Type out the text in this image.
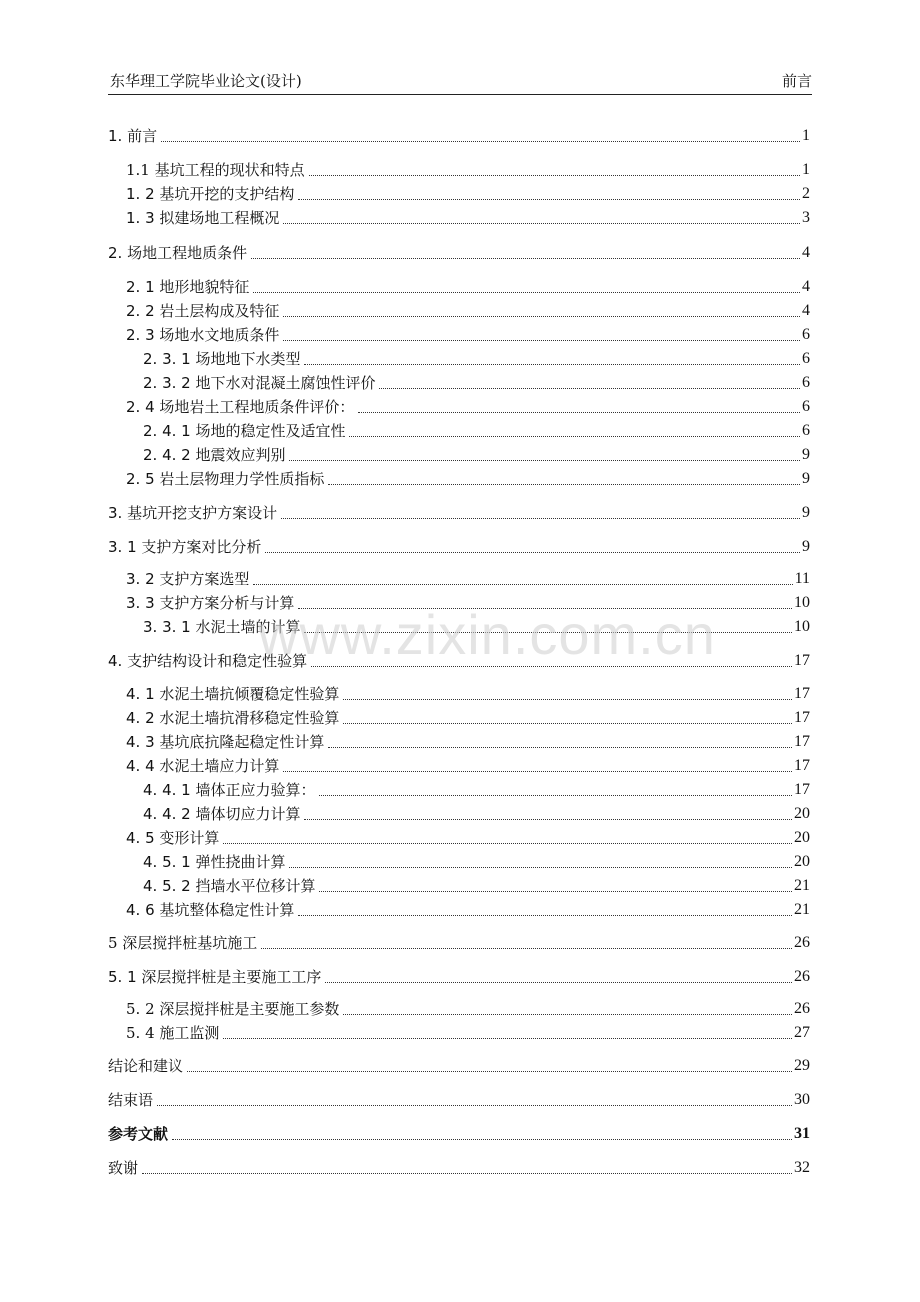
东华理工学院毕业论文(设计)	前言
1. 前言	1
1.1 基坑工程的现状和特点	1
1. 2 基坑开挖的支护结构	2
1. 3 拟建场地工程概况	3
2. 场地工程地质条件	4
2. 1 地形地貌特征	4
2. 2 岩土层构成及特征	4
2. 3 场地水文地质条件	6
2. 3. 1 场地地下水类型	6
2. 3. 2 地下水对混凝土腐蚀性评价	6
2. 4 场地岩土工程地质条件评价：	6
2. 4. 1 场地的稳定性及适宜性	6
2. 4. 2 地震效应判别	9
2. 5 岩土层物理力学性质指标	9
3. 基坑开挖支护方案设计	9
3. 1 支护方案对比分析	9
3. 2 支护方案选型	11
3. 3 支护方案分析与计算	10
3. 3. 1 水泥土墙的计算	10
4. 支护结构设计和稳定性验算	17
4. 1 水泥土墙抗倾覆稳定性验算	17
4. 2 水泥土墙抗滑移稳定性验算	17
4. 3 基坑底抗隆起稳定性计算	17
4. 4 水泥土墙应力计算	17
4. 4. 1 墙体正应力验算：	17
4. 4. 2 墙体切应力计算	20
4. 5 变形计算	20
4. 5. 1 弹性挠曲计算	20
4. 5. 2 挡墙水平位移计算	21
4. 6 基坑整体稳定性计算	21
5 深层搅拌桩基坑施工	26
5. 1 深层搅拌桩是主要施工工序	26
5. 2 深层搅拌桩是主要施工参数	26
5. 4 施工监测	27
结论和建议	29
结束语	30
参考文献	31
致谢	32
www.zixin.com.cn
